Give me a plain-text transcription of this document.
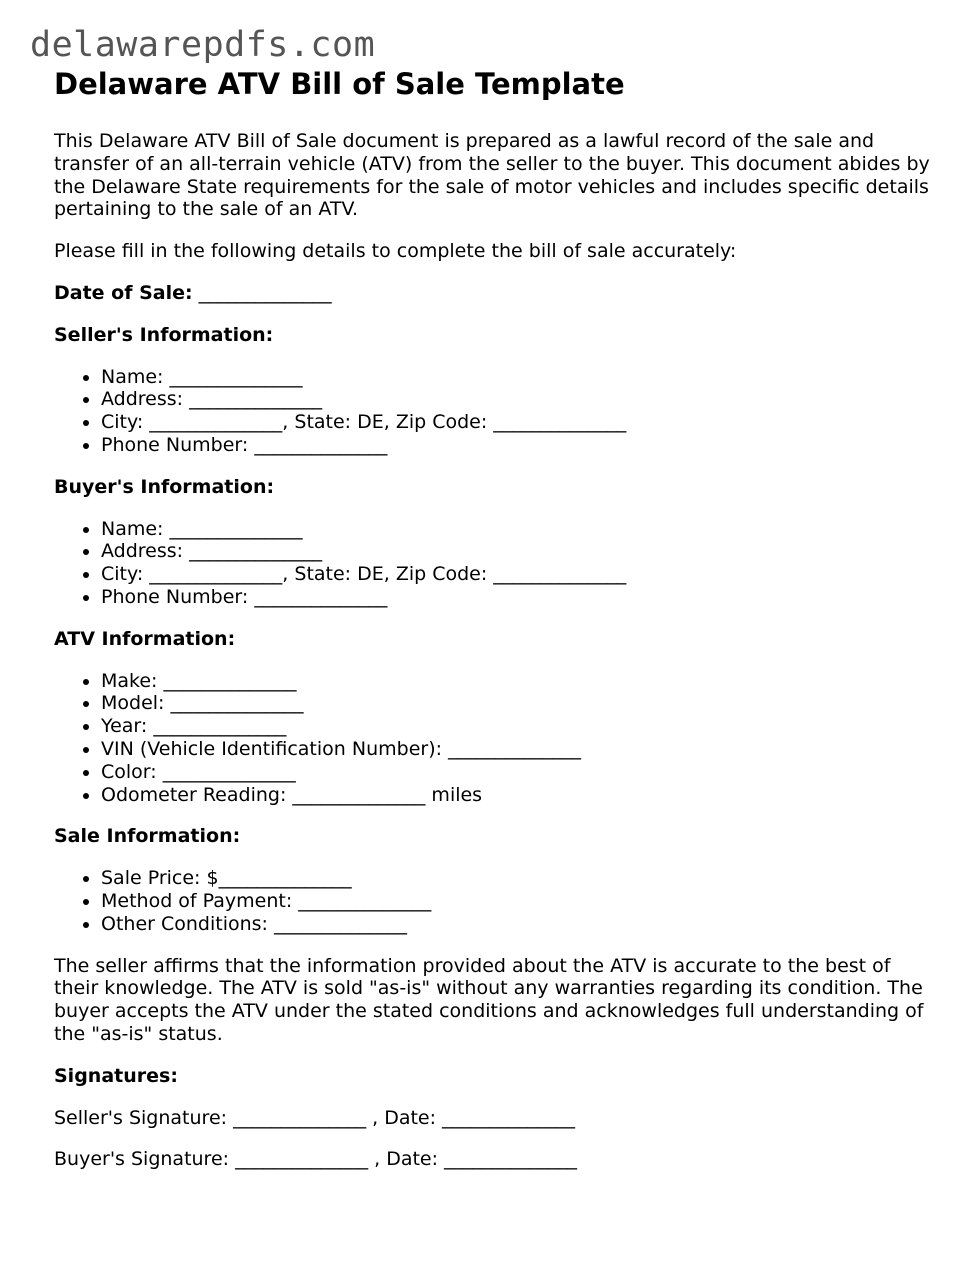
delawarepdfs.com
Delaware ATV Bill of Sale Template

This Delaware ATV Bill of Sale document is prepared as a lawful record of the sale and transfer of an all-terrain vehicle (ATV) from the seller to the buyer. This document abides by the Delaware State requirements for the sale of motor vehicles and includes specific details pertaining to the sale of an ATV.

Please fill in the following details to complete the bill of sale accurately:

Date of Sale: ______________

Seller's Information:

• Name: ______________
• Address: ______________
• City: ______________, State: DE, Zip Code: ______________
• Phone Number: ______________

Buyer's Information:

• Name: ______________
• Address: ______________
• City: ______________, State: DE, Zip Code: ______________
• Phone Number: ______________

ATV Information:

• Make: ______________
• Model: ______________
• Year: ______________
• VIN (Vehicle Identification Number): ______________
• Color: ______________
• Odometer Reading: ______________ miles

Sale Information:

• Sale Price: $______________
• Method of Payment: ______________
• Other Conditions: ______________

The seller affirms that the information provided about the ATV is accurate to the best of their knowledge. The ATV is sold "as-is" without any warranties regarding its condition. The buyer accepts the ATV under the stated conditions and acknowledges full understanding of the "as-is" status.

Signatures:

Seller's Signature: ______________ , Date: ______________

Buyer's Signature: ______________ , Date: ______________
